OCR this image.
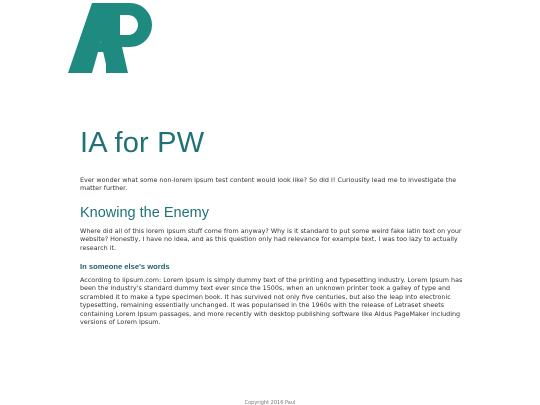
IA for PW

Ever wonder what some non-lorem ipsum test content would look like? So did I! Curiousity lead me to investigate the matter further.

Knowing the Enemy

Where did all of this lorem ipsum stuff come from anyway? Why is it standard to put some weird fake latin text on your website? Honestly, I have no idea, and as this question only had relevance for example text, I was too lazy to actually research it.

In someone else's words

According to lipsum.com: Lorem Ipsum is simply dummy text of the printing and typesetting industry. Lorem Ipsum has been the industry's standard dummy text ever since the 1500s, when an unknown printer took a galley of type and scrambled it to make a type specimen book. It has survived not only five centuries, but also the leap into electronic typesetting, remaining essentially unchanged. It was popularised in the 1960s with the release of Letraset sheets containing Lorem Ipsum passages, and more recently with desktop publishing software like Aldus PageMaker including versions of Lorem Ipsum.

Copyright 2016 Paul
